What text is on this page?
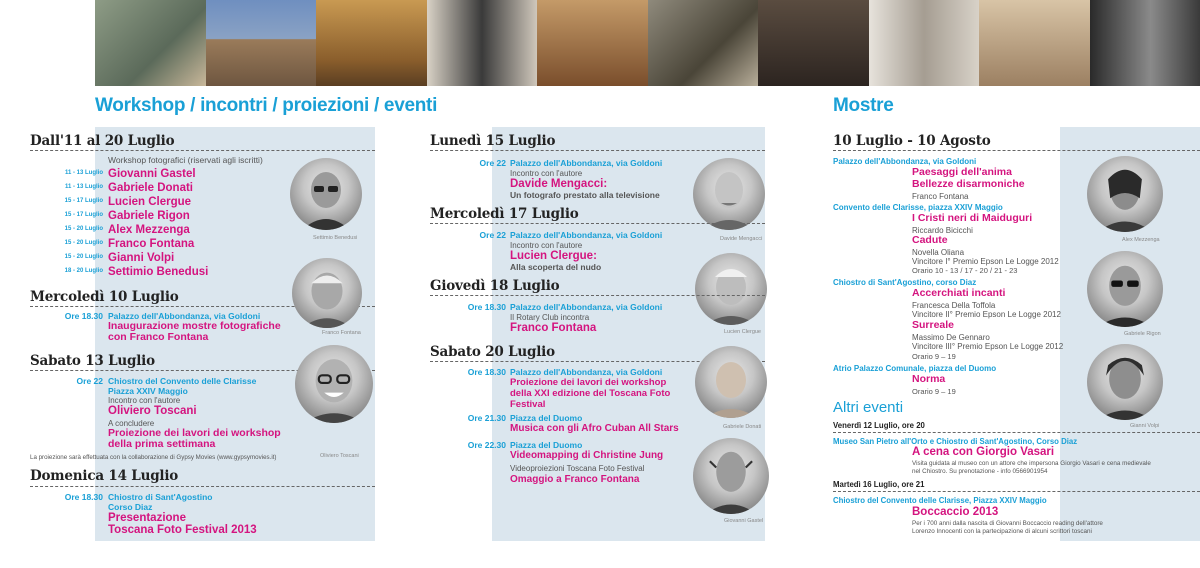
Workshop / incontri / proiezioni / eventi	Mostre
Dall'11 al 20 Luglio
Workshop fotografici (riservati agli iscritti)
11 - 13 Luglio Giovanni Gastel
11 - 13 Luglio Gabriele Donati
15 - 17 Luglio Lucien Clergue
15 - 17 Luglio Gabriele Rigon
15 - 20 Luglio Alex Mezzenga
15 - 20 Luglio Franco Fontana
15 - 20 Luglio Gianni Volpi
18 - 20 Luglio Settimio Benedusi
Settimio Benedusi
Mercoledì 10 Luglio
Franco Fontana
Ore 18.30 Palazzo dell'Abbondanza, via Goldoni
Inaugurazione mostre fotografiche
con Franco Fontana
Sabato 13 Luglio
Ore 22 Chiostro del Convento delle Clarisse
Piazza XXIV Maggio
Incontro con l'autore
Oliviero Toscani
A concludere
Proiezione dei lavori dei workshop
della prima settimana
Oliviero Toscani
La proiezione sarà effettuata con la collaborazione di Gypsy Movies (www.gypsymovies.it)
Domenica 14 Luglio
Ore 18.30 Chiostro di Sant'Agostino
Corso Diaz
Presentazione
Toscana Foto Festival 2013
Lunedì 15 Luglio
Ore 22 Palazzo dell'Abbondanza, via Goldoni
Incontro con l'autore
Davide Mengacci:
Un fotografo prestato alla televisione
Davide Mengacci
Mercoledì 17 Luglio
Ore 22 Palazzo dell'Abbondanza, via Goldoni
Incontro con l'autore
Lucien Clergue:
Alla scoperta del nudo
Lucien Clergue
Giovedì 18 Luglio
Ore 18.30 Palazzo dell'Abbondanza, via Goldoni
Il Rotary Club incontra
Franco Fontana
Sabato 20 Luglio
Ore 18.30 Palazzo dell'Abbondanza, via Goldoni
Proiezione dei lavori dei workshop
della XXI edizione del Toscana Foto
Festival
Ore 21.30 Piazza del Duomo
Musica con gli Afro Cuban All Stars
Ore 22.30 Piazza del Duomo
Videomapping di Christine Jung
Videoproiezioni Toscana Foto Festival
Omaggio a Franco Fontana
Gabriele Donati
Giovanni Gastel
10 Luglio - 10 Agosto
Palazzo dell'Abbondanza, via Goldoni
Paesaggi dell'anima
Bellezze disarmoniche
Franco Fontana
Convento delle Clarisse, piazza XXIV Maggio
I Cristi neri di Maiduguri
Riccardo Bicicchi
Cadute
Novella Oliana
Vincitore I° Premio Epson Le Logge 2012
Orario 10 - 13 / 17 - 20 / 21 - 23
Chiostro di Sant'Agostino, corso Diaz
Accerchiati incanti
Francesca Della Toffola
Vincitore II° Premio Epson Le Logge 2012
Surreale
Massimo De Gennaro
Vincitore III° Premio Epson Le Logge 2012
Orario 9 – 19
Atrio Palazzo Comunale, piazza del Duomo
Norma
Orario 9 – 19
Alex Mezzenga
Gabriele Rigon
Gianni Volpi
Altri eventi
Venerdì 12 Luglio, ore 20
Museo San Pietro all'Orto e Chiostro di Sant'Agostino, Corso Diaz
A cena con Giorgio Vasari
Visita guidata al museo con un attore che impersona Giorgio Vasari e cena medievale
nel Chiostro. Su prenotazione - info 0566901954
Martedì 16 Luglio, ore 21
Chiostro del Convento delle Clarisse, Piazza XXIV Maggio
Boccaccio 2013
Per i 700 anni dalla nascita di Giovanni Boccaccio reading dell'attore
Lorenzo Innocenti con la partecipazione di alcuni scrittori toscani
